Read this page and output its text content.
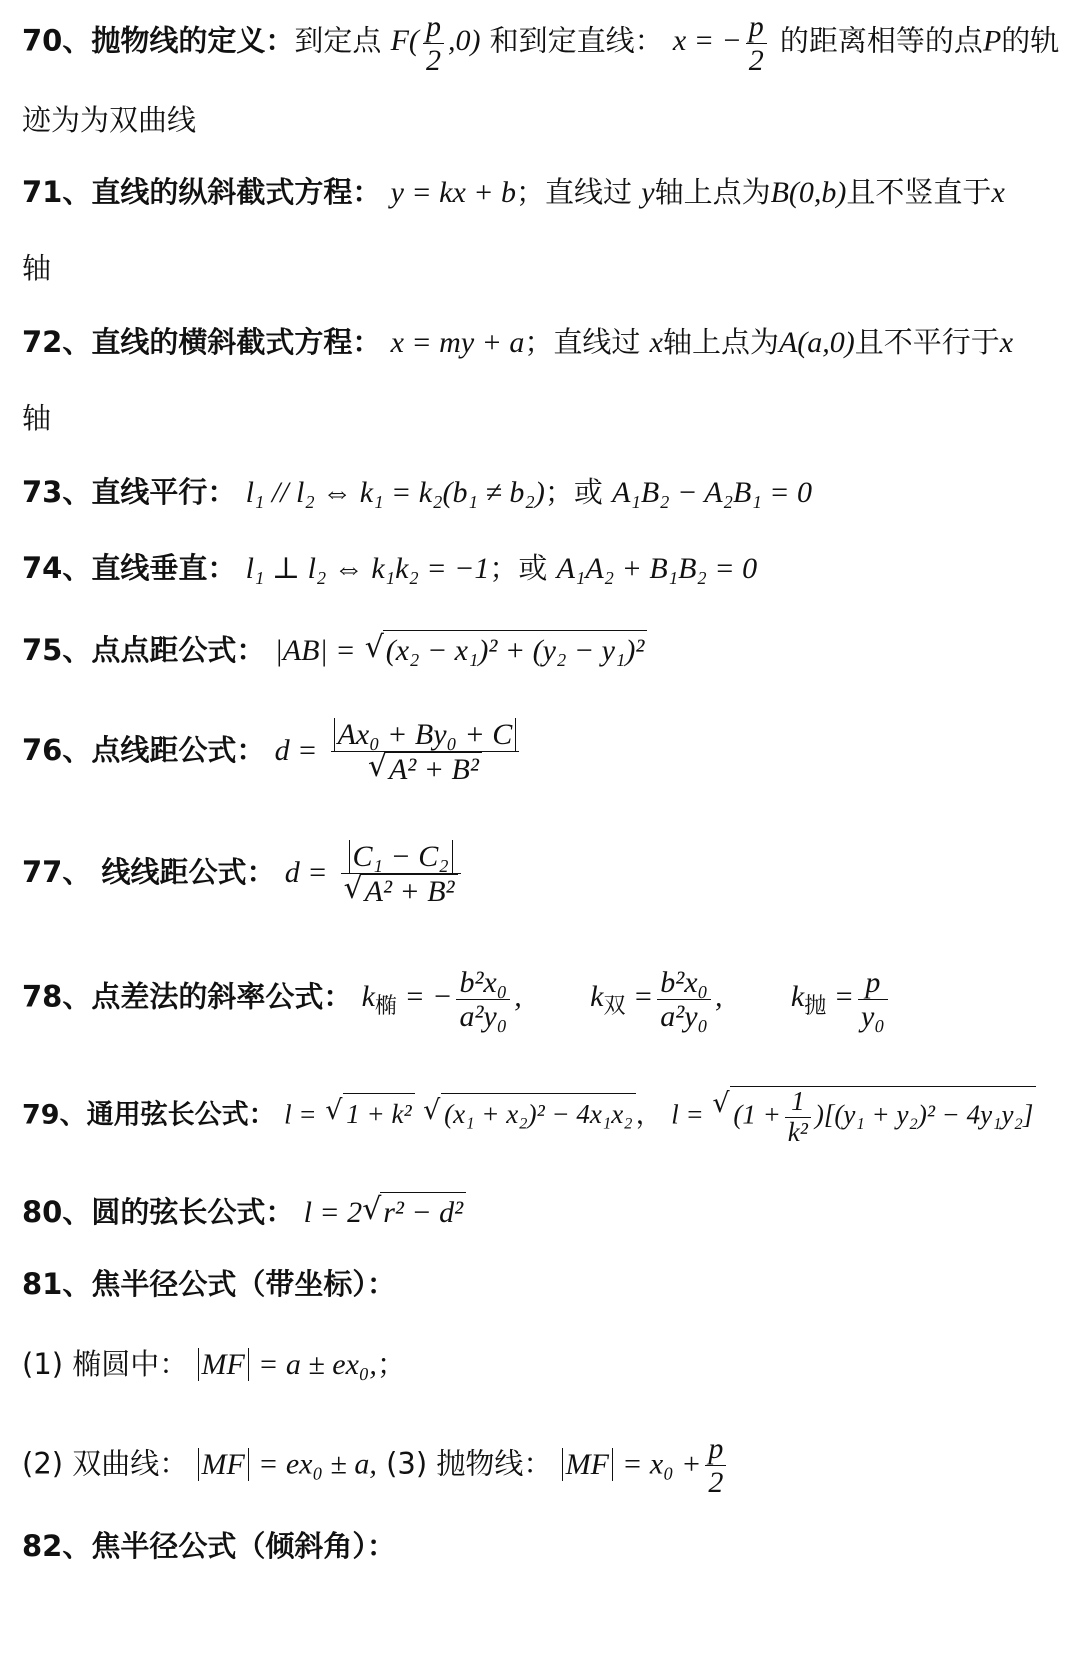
70、抛物线的定义：到定点 $F( \frac{p}{2} ,0)$ 和到定直线： x = − $\frac{p}{2}$ 的距离相等的点P的轨
迹为为双曲线
71、直线的纵斜截式方程： y = kx + b；直线过 y轴上点为B(0,b)且不竖直于x
轴
72、直线的横斜截式方程： x = my + a；直线过 x轴上点为A(a,0)且不平行于x
轴
73、直线平行： l₁ // l₂ ⇔ k₁ = k₂(b₁ ≠ b₂)；或 A₁B₂ − A₂B₁ = 0
74、直线垂直： l₁ ⊥ l₂ ⇔ k₁k₂ = −1；或 A₁A₂ + B₁B₂ = 0
75、点点距公式： |AB| = √ (x₂ − x₁)² + (y₂ − y₁)²
76、点线距公式： d = Ax₀ + By₀ + C
√ A² + B²
77、 线线距公式： d = C₁ − C₂
√ A² + B²
78、点差法的斜率公式： $k_椭$ = − $\frac{\text{b²x₀}}{\text{a²y₀}}$ , $k_双 = \frac{\text{b²x₀}}{\text{a²y₀}}$ , $k_抛 = \frac{p}{\text{y₀}}$
79、通用弦长公式： l = √ 1 + k² √ (x₁ + x₂)² − 4x₁x₂ ， l = √ $(1 + \frac{1}{\text{k²}} )[(y_1 + y_2)^2 - 4y_1y_2]$
80、圆的弦长公式： l = 2 √ r² − d²
81、焦半径公式（带坐标）：
(1) 椭圆中： MF = a ± ex₀,；
(2) 双曲线： MF = ex₀ ± a, (3) 抛物线： MF = $x_0 + \frac{p}{2}$
82、焦半径公式（倾斜角）：
